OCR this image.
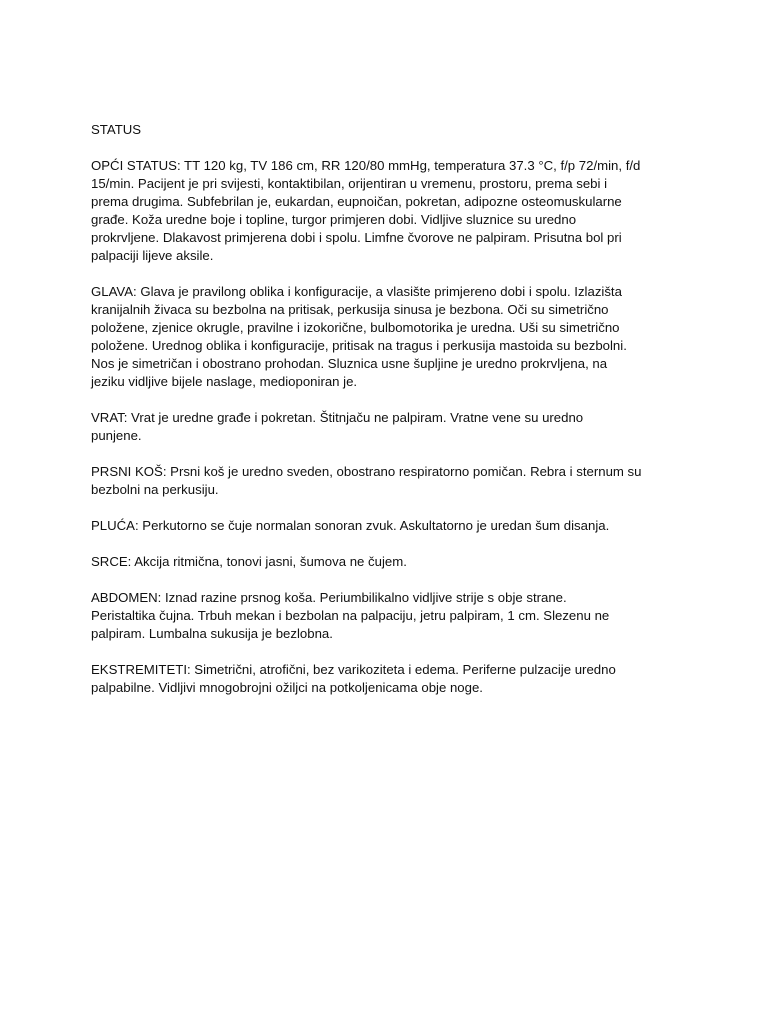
STATUS
OPĆI STATUS: TT 120 kg, TV 186 cm, RR 120/80 mmHg, temperatura 37.3 °C, f/p 72/min, f/d
15/min. Pacijent je pri svijesti, kontaktibilan, orijentiran u vremenu, prostoru, prema sebi i
prema drugima. Subfebrilan je, eukardan, eupnoičan, pokretan, adipozne osteomuskularne
građe. Koža uredne boje i topline, turgor primjeren dobi. Vidljive sluznice su uredno
prokrvljene. Dlakavost primjerena dobi i spolu. Limfne čvorove ne palpiram. Prisutna bol pri
palpaciji lijeve aksile.
GLAVA: Glava je pravilong oblika i konfiguracije, a vlasište primjereno dobi i spolu. Izlazišta
kranijalnih živaca su bezbolna na pritisak, perkusija sinusa je bezbona. Oči su simetrično
položene, zjenice okrugle, pravilne i izokorične, bulbomotorika je uredna. Uši su simetrično
položene. Urednog oblika i konfiguracije, pritisak na tragus i perkusija mastoida su bezbolni.
Nos je simetričan i obostrano prohodan. Sluznica usne šupljine je uredno prokrvljena, na
jeziku vidljive bijele naslage, medioponiran je.
VRAT: Vrat je uredne građe i pokretan. Štitnjaču ne palpiram. Vratne vene su uredno
punjene.
PRSNI KOŠ: Prsni koš je uredno sveden, obostrano respiratorno pomičan. Rebra i sternum su
bezbolni na perkusiju.
PLUĆA: Perkutorno se čuje normalan sonoran zvuk. Askultatorno je uredan šum disanja.
SRCE: Akcija ritmična, tonovi jasni, šumova ne čujem.
ABDOMEN: Iznad razine prsnog koša. Periumbilikalno vidljive strije s obje strane.
Peristaltika čujna. Trbuh mekan i bezbolan na palpaciju, jetru palpiram, 1 cm. Slezenu ne
palpiram. Lumbalna sukusija je bezlobna.
EKSTREMITETI: Simetrični, atrofični, bez varikoziteta i edema. Periferne pulzacije uredno
palpabilne. Vidljivi mnogobrojni ožiljci na potkoljenicama obje noge.
